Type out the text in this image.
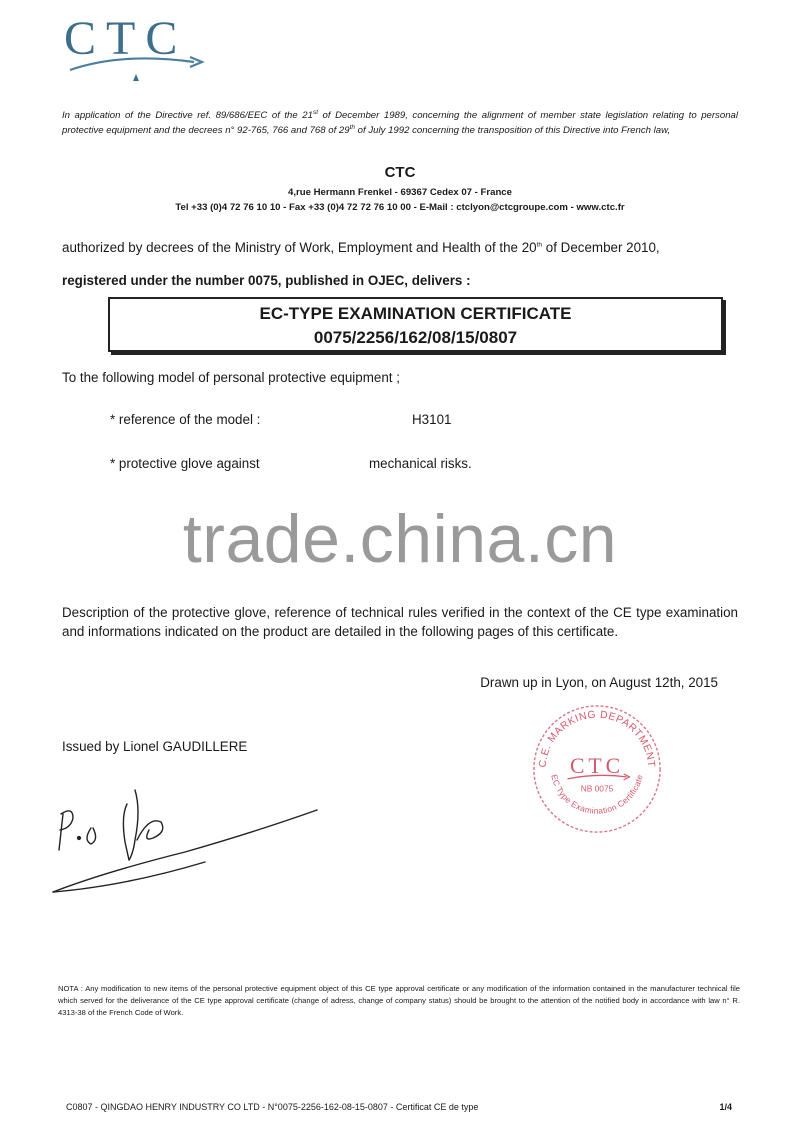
CTC
In application of the Directive ref. 89/686/EEC of the 21st of December 1989, concerning the alignment of member state legislation relating to personal protective equipment and the decrees n° 92-765, 766 and 768 of 29th of July 1992 concerning the transposition of this Directive into French law,
CTC
4,rue Hermann Frenkel - 69367 Cedex 07 - France
Tel +33 (0)4 72 76 10 10 - Fax +33 (0)4 72 72 76 10 00 - E-Mail : ctclyon@ctcgroupe.com - www.ctc.fr
authorized by decrees of the Ministry of Work, Employment and Health of the 20th of December 2010,
registered under the number 0075, published in OJEC, delivers :
EC-TYPE EXAMINATION CERTIFICATE
0075/2256/162/08/15/0807
To the following model of personal protective equipment ;
* reference of the model :	H3101
* protective glove against	mechanical risks.
trade.china.cn
Description of the protective glove, reference of technical rules verified in the context of the CE type examination and informations indicated on the product are detailed in the following pages of this certificate.
Drawn up in Lyon, on August 12th, 2015
Issued by Lionel GAUDILLERE
C.E. MARKING DEPARTMENT
EC Type Examination Certificate
CTC
NB 0075
NOTA : Any modification to new items of the personal protective equipment object of this CE type approval certificate or any modification of the information contained in the manufacturer technical file which served for the deliverance of the CE type approval certificate (change of adress, change of company status) should be brought to the attention of the notified body in accordance with law n° R. 4313-38 of the French Code of Work.
C0807 - QINGDAO HENRY INDUSTRY CO LTD - N°0075-2256-162-08-15-0807 - Certificat CE de type	1/4
